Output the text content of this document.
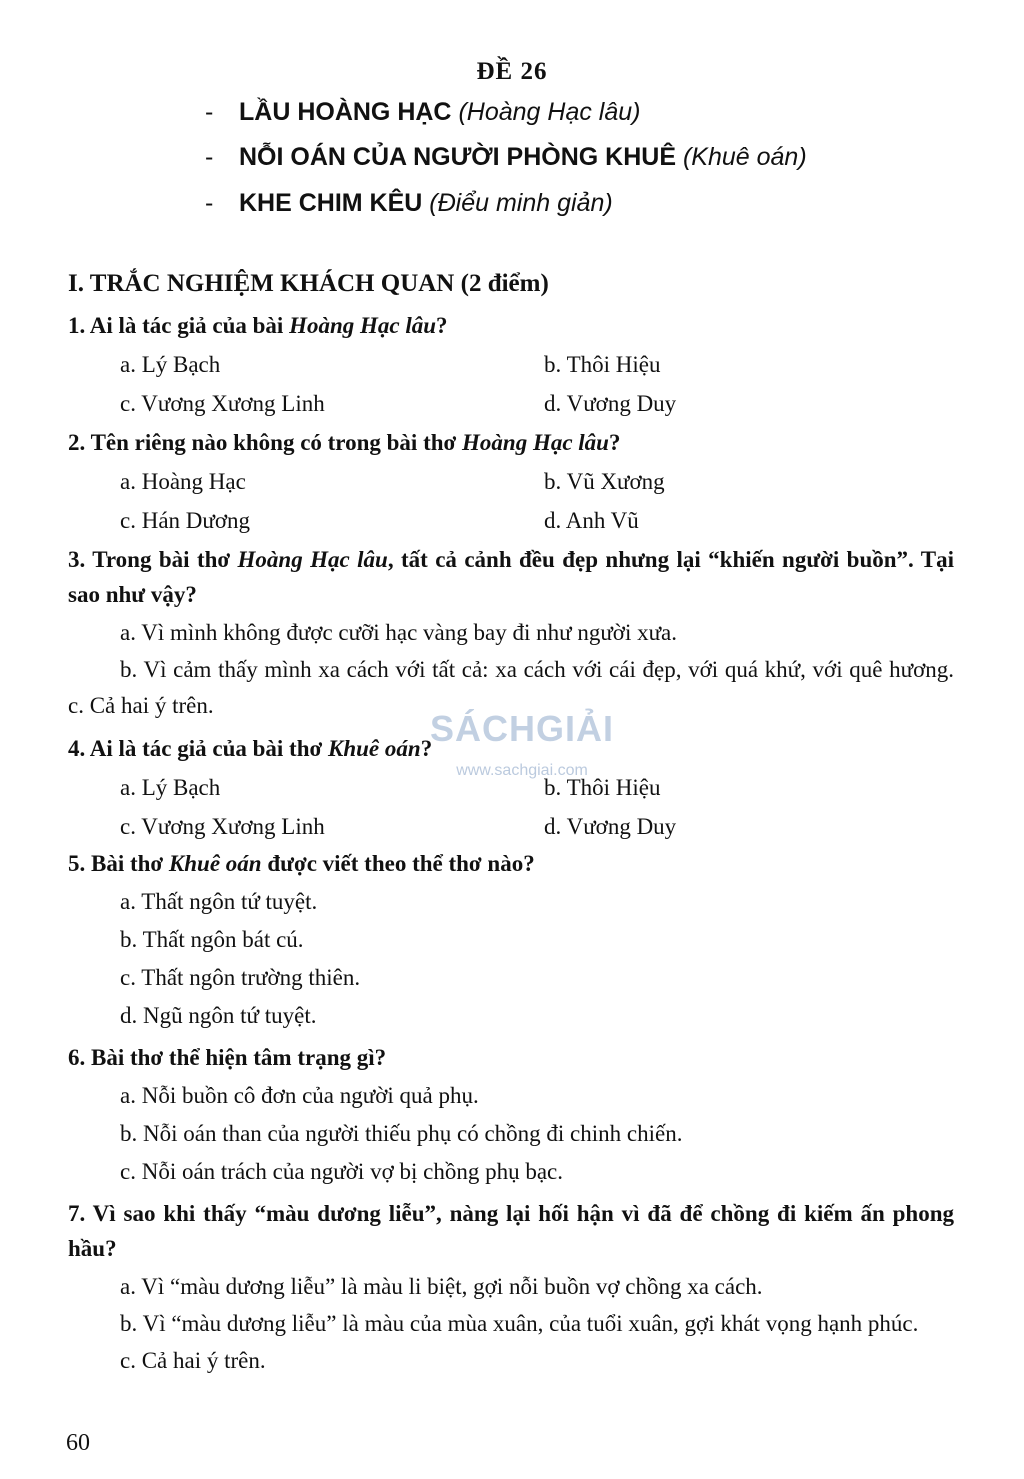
ĐỀ 26
- LẦU HOÀNG HẠC (Hoàng Hạc lâu)
- NỖI OÁN CỦA NGƯỜI PHÒNG KHUÊ (Khuê oán)
- KHE CHIM KÊU (Điểu minh giản)
I. TRẮC NGHIỆM KHÁCH QUAN (2 điểm)
1. Ai là tác giả của bài Hoàng Hạc lâu?
a. Lý Bạch	b. Thôi Hiệu
c. Vương Xương Linh	d. Vương Duy
2. Tên riêng nào không có trong bài thơ Hoàng Hạc lâu?
a. Hoàng Hạc	b. Vũ Xương
c. Hán Dương	d. Anh Vũ
3. Trong bài thơ Hoàng Hạc lâu, tất cả cảnh đều đẹp nhưng lại “khiến người buồn”. Tại sao như vậy?
a. Vì mình không được cưỡi hạc vàng bay đi như người xưa.
b. Vì cảm thấy mình xa cách với tất cả: xa cách với cái đẹp, với quá khứ, với quê hương. c. Cả hai ý trên.
4. Ai là tác giả của bài thơ Khuê oán?
a. Lý Bạch	b. Thôi Hiệu
c. Vương Xương Linh	d. Vương Duy
5. Bài thơ Khuê oán được viết theo thể thơ nào?
a. Thất ngôn tứ tuyệt.
b. Thất ngôn bát cú.
c. Thất ngôn trường thiên.
d. Ngũ ngôn tứ tuyệt.
6. Bài thơ thể hiện tâm trạng gì?
a. Nỗi buồn cô đơn của người quả phụ.
b. Nỗi oán than của người thiếu phụ có chồng đi chinh chiến.
c. Nỗi oán trách của người vợ bị chồng phụ bạc.
7. Vì sao khi thấy “màu dương liễu”, nàng lại hối hận vì đã để chồng đi kiếm ấn phong hầu?
a. Vì “màu dương liễu” là màu li biệt, gợi nỗi buồn vợ chồng xa cách.
b. Vì “màu dương liễu” là màu của mùa xuân, của tuổi xuân, gợi khát vọng hạnh phúc.
c. Cả hai ý trên.
SÁCHGIẢI
www.sachgiai.com
60
